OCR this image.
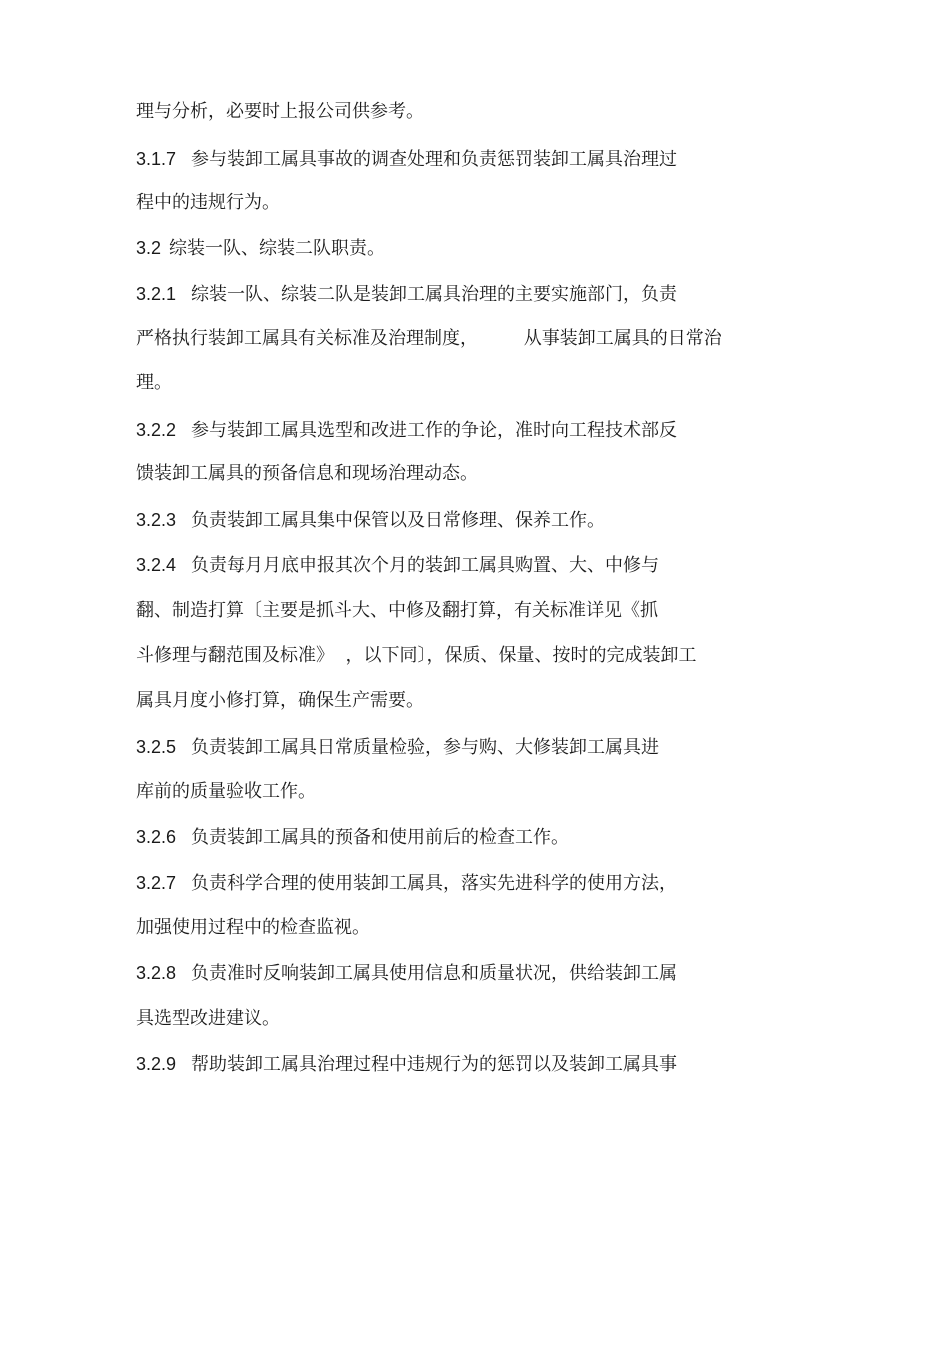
理与分析，必要时上报公司供参考。
3.1.7 参与装卸工属具事故的调查处理和负责惩罚装卸工属具治理过
程中的违规行为。
3.2 综装一队、综装二队职责。
3.2.1 综装一队、综装二队是装卸工属具治理的主要实施部门，负责
严格执行装卸工属具有关标准及治理制度，        从事装卸工属具的日常治
理。
3.2.2 参与装卸工属具选型和改进工作的争论，准时向工程技术部反
馈装卸工属具的预备信息和现场治理动态。
3.2.3 负责装卸工属具集中保管以及日常修理、保养工作。
3.2.4 负责每月月底申报其次个月的装卸工属具购置、大、中修与
翻、制造打算〔主要是抓斗大、中修及翻打算，有关标准详见《抓
斗修理与翻范围及标准》  ，以下同〕，保质、保量、按时的完成装卸工
属具月度小修打算，确保生产需要。
3.2.5 负责装卸工属具日常质量检验，参与购、大修装卸工属具进
库前的质量验收工作。
3.2.6 负责装卸工属具的预备和使用前后的检查工作。
3.2.7 负责科学合理的使用装卸工属具，落实先进科学的使用方法，
加强使用过程中的检查监视。
3.2.8 负责准时反响装卸工属具使用信息和质量状况，供给装卸工属
具选型改进建议。
3.2.9 帮助装卸工属具治理过程中违规行为的惩罚以及装卸工属具事
